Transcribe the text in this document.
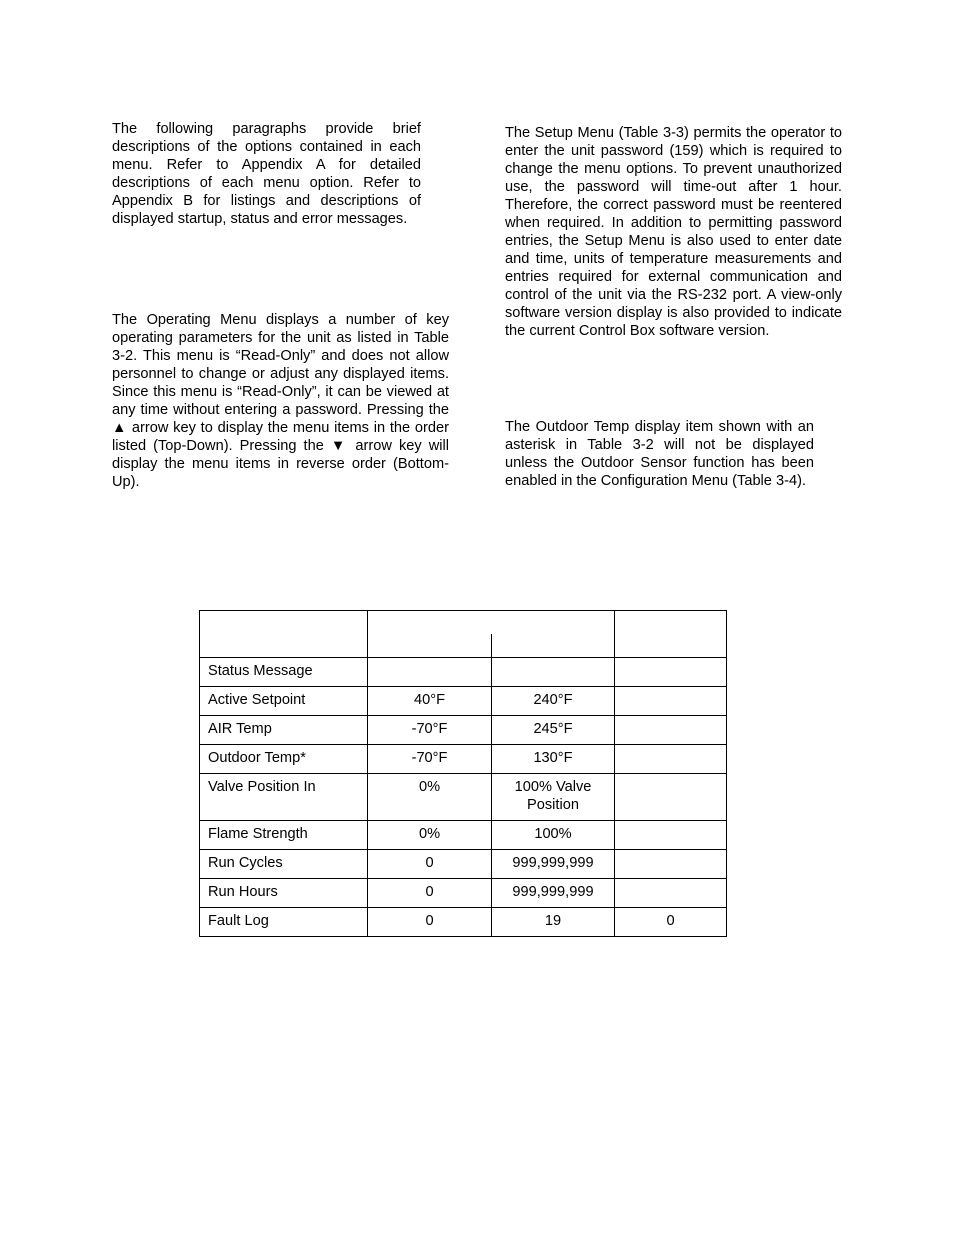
The following paragraphs provide brief descriptions of the options contained in each menu. Refer to Appendix A for detailed descriptions of each menu option. Refer to Appendix B for listings and descriptions of displayed startup, status and error messages.

The Operating Menu displays a number of key operating parameters for the unit as listed in Table 3-2. This menu is “Read-Only” and does not allow personnel to change or adjust any displayed items. Since this menu is “Read-Only”, it can be viewed at any time without entering a password. Pressing the ▲ arrow key to display the menu items in the order listed (Top-Down). Pressing the ▼ arrow key will display the menu items in reverse order (Bottom-Up).

The Setup Menu (Table 3-3) permits the operator to enter the unit password (159) which is required to change the menu options. To prevent unauthorized use, the password will time-out after 1 hour. Therefore, the correct password must be reentered when required. In addition to permitting password entries, the Setup Menu is also used to enter date and time, units of temperature measurements and entries required for external communication and control of the unit via the RS-232 port. A view-only software version display is also provided to indicate the current Control Box software version.

The Outdoor Temp display item shown with an asterisk in Table 3-2 will not be displayed unless the Outdoor Sensor function has been enabled in the Configuration Menu (Table 3-4).

Status Message			
Active Setpoint	40°F	240°F	
AIR Temp	-70°F	245°F	
Outdoor Temp*	-70°F	130°F	
Valve Position In	0%	100% Valve Position	
Flame Strength	0%	100%	
Run Cycles	0	999,999,999	
Run Hours	0	999,999,999	
Fault Log	0	19	0
